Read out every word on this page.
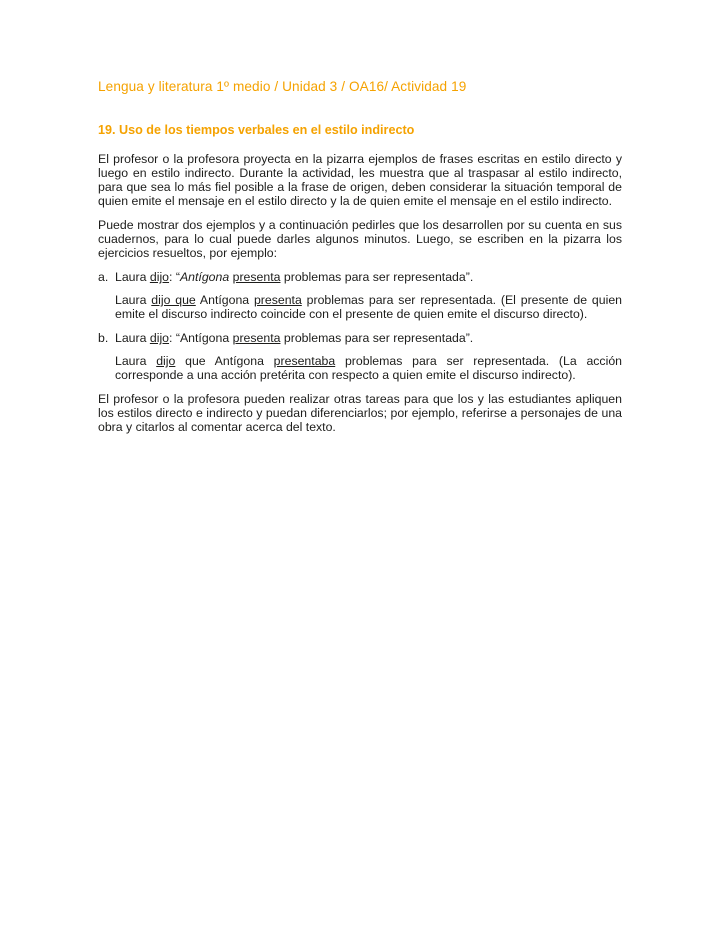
Lengua y literatura 1º medio / Unidad 3 / OA16/ Actividad 19
19. Uso de los tiempos verbales en el estilo indirecto

El profesor o la profesora proyecta en la pizarra ejemplos de frases escritas en estilo directo y luego en estilo indirecto. Durante la actividad, les muestra que al traspasar al estilo indirecto, para que sea lo más fiel posible a la frase de origen, deben considerar la situación temporal de quien emite el mensaje en el estilo directo y la de quien emite el mensaje en el estilo indirecto.

Puede mostrar dos ejemplos y a continuación pedirles que los desarrollen por su cuenta en sus cuadernos, para lo cual puede darles algunos minutos. Luego, se escriben en la pizarra los ejercicios resueltos, por ejemplo:

a. Laura dijo: “Antígona presenta problemas para ser representada”.

Laura dijo que Antígona presenta problemas para ser representada. (El presente de quien emite el discurso indirecto coincide con el presente de quien emite el discurso directo).

b. Laura dijo: “Antígona presenta problemas para ser representada”.

Laura dijo que Antígona presentaba problemas para ser representada. (La acción corresponde a una acción pretérita con respecto a quien emite el discurso indirecto).

El profesor o la profesora pueden realizar otras tareas para que los y las estudiantes apliquen los estilos directo e indirecto y puedan diferenciarlos; por ejemplo, referirse a personajes de una obra y citarlos al comentar acerca del texto.
